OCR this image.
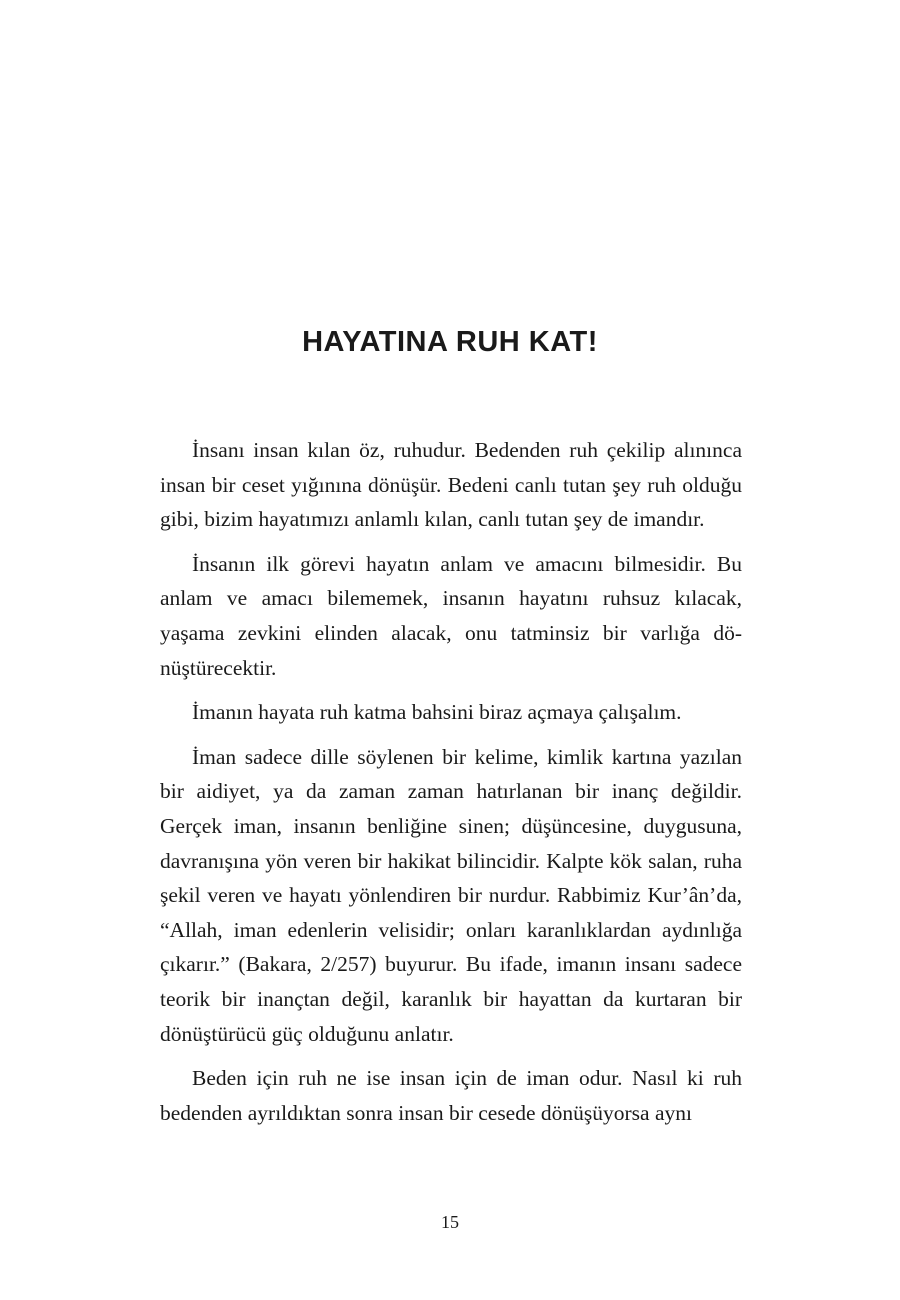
HAYATINA RUH KAT!

İnsanı insan kılan öz, ruhudur. Bedenden ruh çekilip alınınca insan bir ceset yığınına dönüşür. Bedeni canlı tutan şey ruh olduğu gibi, bizim hayatımızı anlamlı kılan, canlı tutan şey de imandır.

İnsanın ilk görevi hayatın anlam ve amacını bilmesidir. Bu anlam ve amacı bilememek, insanın hayatını ruhsuz kılacak, yaşama zevkini elinden alacak, onu tatminsiz bir varlığa dönüştürecektir.

İmanın hayata ruh katma bahsini biraz açmaya çalışalım.

İman sadece dille söylenen bir kelime, kimlik kartına yazılan bir aidiyet, ya da zaman zaman hatırlanan bir inanç değildir. Gerçek iman, insanın benliğine sinen; düşüncesine, duygusuna, davranışına yön veren bir hakikat bilincidir. Kalpte kök salan, ruha şekil veren ve hayatı yönlendiren bir nurdur. Rabbimiz Kur’ân’da, “Allah, iman edenlerin velisidir; onları karanlıklardan aydınlığa çıkarır.” (Bakara, 2/257) buyurur. Bu ifade, imanın insanı sadece teorik bir inançtan değil, karanlık bir hayattan da kurtaran bir dönüştürücü güç olduğunu anlatır.

Beden için ruh ne ise insan için de iman odur. Nasıl ki ruh bedenden ayrıldıktan sonra insan bir cesede dönüşüyorsa aynı

15
